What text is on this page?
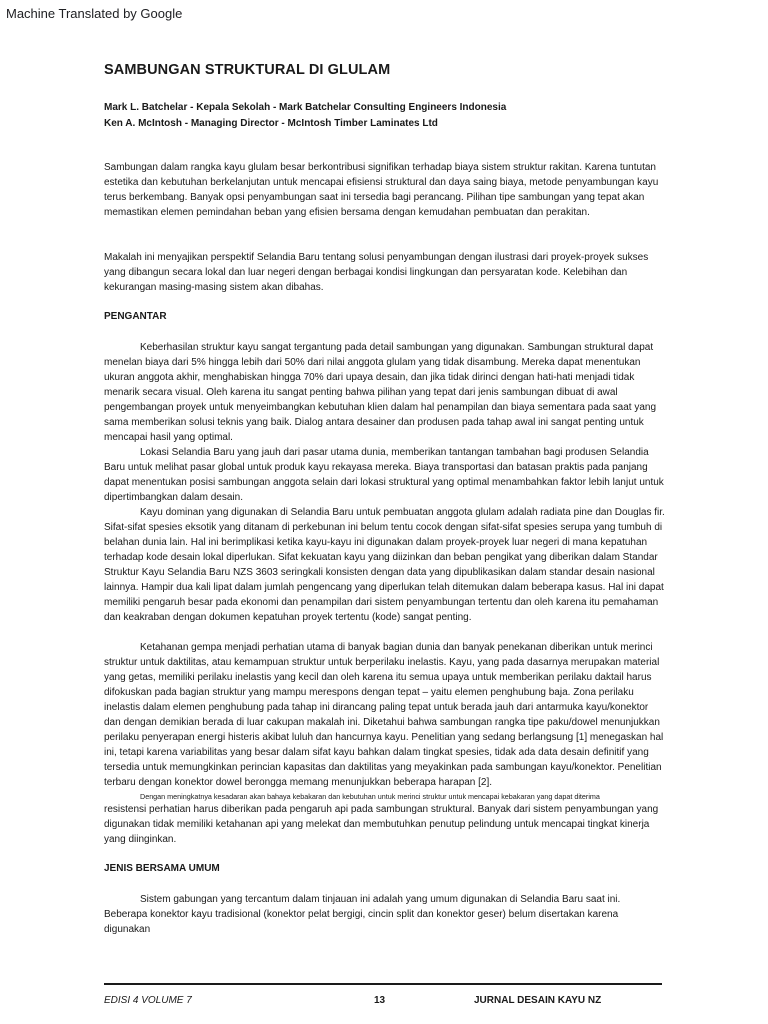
Machine Translated by Google
SAMBUNGAN STRUKTURAL DI GLULAM
Mark L. Batchelar - Kepala Sekolah - Mark Batchelar Consulting Engineers Indonesia
Ken A. McIntosh - Managing Director - McIntosh Timber Laminates Ltd

Sambungan dalam rangka kayu glulam besar berkontribusi signifikan terhadap biaya sistem struktur rakitan. Karena tuntutan estetika dan kebutuhan berkelanjutan untuk mencapai efisiensi struktural dan daya saing biaya, metode penyambungan kayu terus berkembang. Banyak opsi penyambungan saat ini tersedia bagi perancang. Pilihan tipe sambungan yang tepat akan memastikan elemen pemindahan beban yang efisien bersama dengan kemudahan pembuatan dan perakitan.

Makalah ini menyajikan perspektif Selandia Baru tentang solusi penyambungan dengan ilustrasi dari proyek-proyek sukses yang dibangun secara lokal dan luar negeri dengan berbagai kondisi lingkungan dan persyaratan kode. Kelebihan dan kekurangan masing-masing sistem akan dibahas.

PENGANTAR

Keberhasilan struktur kayu sangat tergantung pada detail sambungan yang digunakan. Sambungan struktural dapat menelan biaya dari 5% hingga lebih dari 50% dari nilai anggota glulam yang tidak disambung. Mereka dapat menentukan ukuran anggota akhir, menghabiskan hingga 70% dari upaya desain, dan jika tidak dirinci dengan hati-hati menjadi tidak menarik secara visual. Oleh karena itu sangat penting bahwa pilihan yang tepat dari jenis sambungan dibuat di awal pengembangan proyek untuk menyeimbangkan kebutuhan klien dalam hal penampilan dan biaya sementara pada saat yang sama memberikan solusi teknis yang baik. Dialog antara desainer dan produsen pada tahap awal ini sangat penting untuk mencapai hasil yang optimal.

Lokasi Selandia Baru yang jauh dari pasar utama dunia, memberikan tantangan tambahan bagi produsen Selandia Baru untuk melihat pasar global untuk produk kayu rekayasa mereka. Biaya transportasi dan batasan praktis pada panjang dapat menentukan posisi sambungan anggota selain dari lokasi struktural yang optimal menambahkan faktor lebih lanjut untuk dipertimbangkan dalam desain.

Kayu dominan yang digunakan di Selandia Baru untuk pembuatan anggota glulam adalah radiata pine dan Douglas fir. Sifat-sifat spesies eksotik yang ditanam di perkebunan ini belum tentu cocok dengan sifat-sifat spesies serupa yang tumbuh di belahan dunia lain. Hal ini berimplikasi ketika kayu-kayu ini digunakan dalam proyek-proyek luar negeri di mana kepatuhan terhadap kode desain lokal diperlukan. Sifat kekuatan kayu yang diizinkan dan beban pengikat yang diberikan dalam Standar Struktur Kayu Selandia Baru NZS 3603 seringkali konsisten dengan data yang dipublikasikan dalam standar desain nasional lainnya. Hampir dua kali lipat dalam jumlah pengencang yang diperlukan telah ditemukan dalam beberapa kasus. Hal ini dapat memiliki pengaruh besar pada ekonomi dan penampilan dari sistem penyambungan tertentu dan oleh karena itu pemahaman dan keakraban dengan dokumen kepatuhan proyek tertentu (kode) sangat penting.

Ketahanan gempa menjadi perhatian utama di banyak bagian dunia dan banyak penekanan diberikan untuk merinci struktur untuk daktilitas, atau kemampuan struktur untuk berperilaku inelastis. Kayu, yang pada dasarnya merupakan material yang getas, memiliki perilaku inelastis yang kecil dan oleh karena itu semua upaya untuk memberikan perilaku daktail harus difokuskan pada bagian struktur yang mampu merespons dengan tepat – yaitu elemen penghubung baja. Zona perilaku inelastis dalam elemen penghubung pada tahap ini dirancang paling tepat untuk berada jauh dari antarmuka kayu/konektor dan dengan demikian berada di luar cakupan makalah ini. Diketahui bahwa sambungan rangka tipe paku/dowel menunjukkan perilaku penyerapan energi histeris akibat luluh dan hancurnya kayu. Penelitian yang sedang berlangsung [1] menegaskan hal ini, tetapi karena variabilitas yang besar dalam sifat kayu bahkan dalam tingkat spesies, tidak ada data desain definitif yang tersedia untuk memungkinkan perincian kapasitas dan daktilitas yang meyakinkan pada sambungan kayu/konektor. Penelitian terbaru dengan konektor dowel berongga memang menunjukkan beberapa harapan [2].

Dengan meningkatnya kesadaran akan bahaya kebakaran dan kebutuhan untuk merinci struktur untuk mencapai kebakaran yang dapat diterima

resistensi perhatian harus diberikan pada pengaruh api pada sambungan struktural. Banyak dari sistem penyambungan yang digunakan tidak memiliki ketahanan api yang melekat dan membutuhkan penutup pelindung untuk mencapai tingkat kinerja yang diinginkan.

JENIS BERSAMA UMUM

Sistem gabungan yang tercantum dalam tinjauan ini adalah yang umum digunakan di Selandia Baru saat ini. Beberapa konektor kayu tradisional (konektor pelat bergigi, cincin split dan konektor geser) belum disertakan karena digunakan

EDISI 4 VOLUME 7	13	JURNAL DESAIN KAYU NZ
